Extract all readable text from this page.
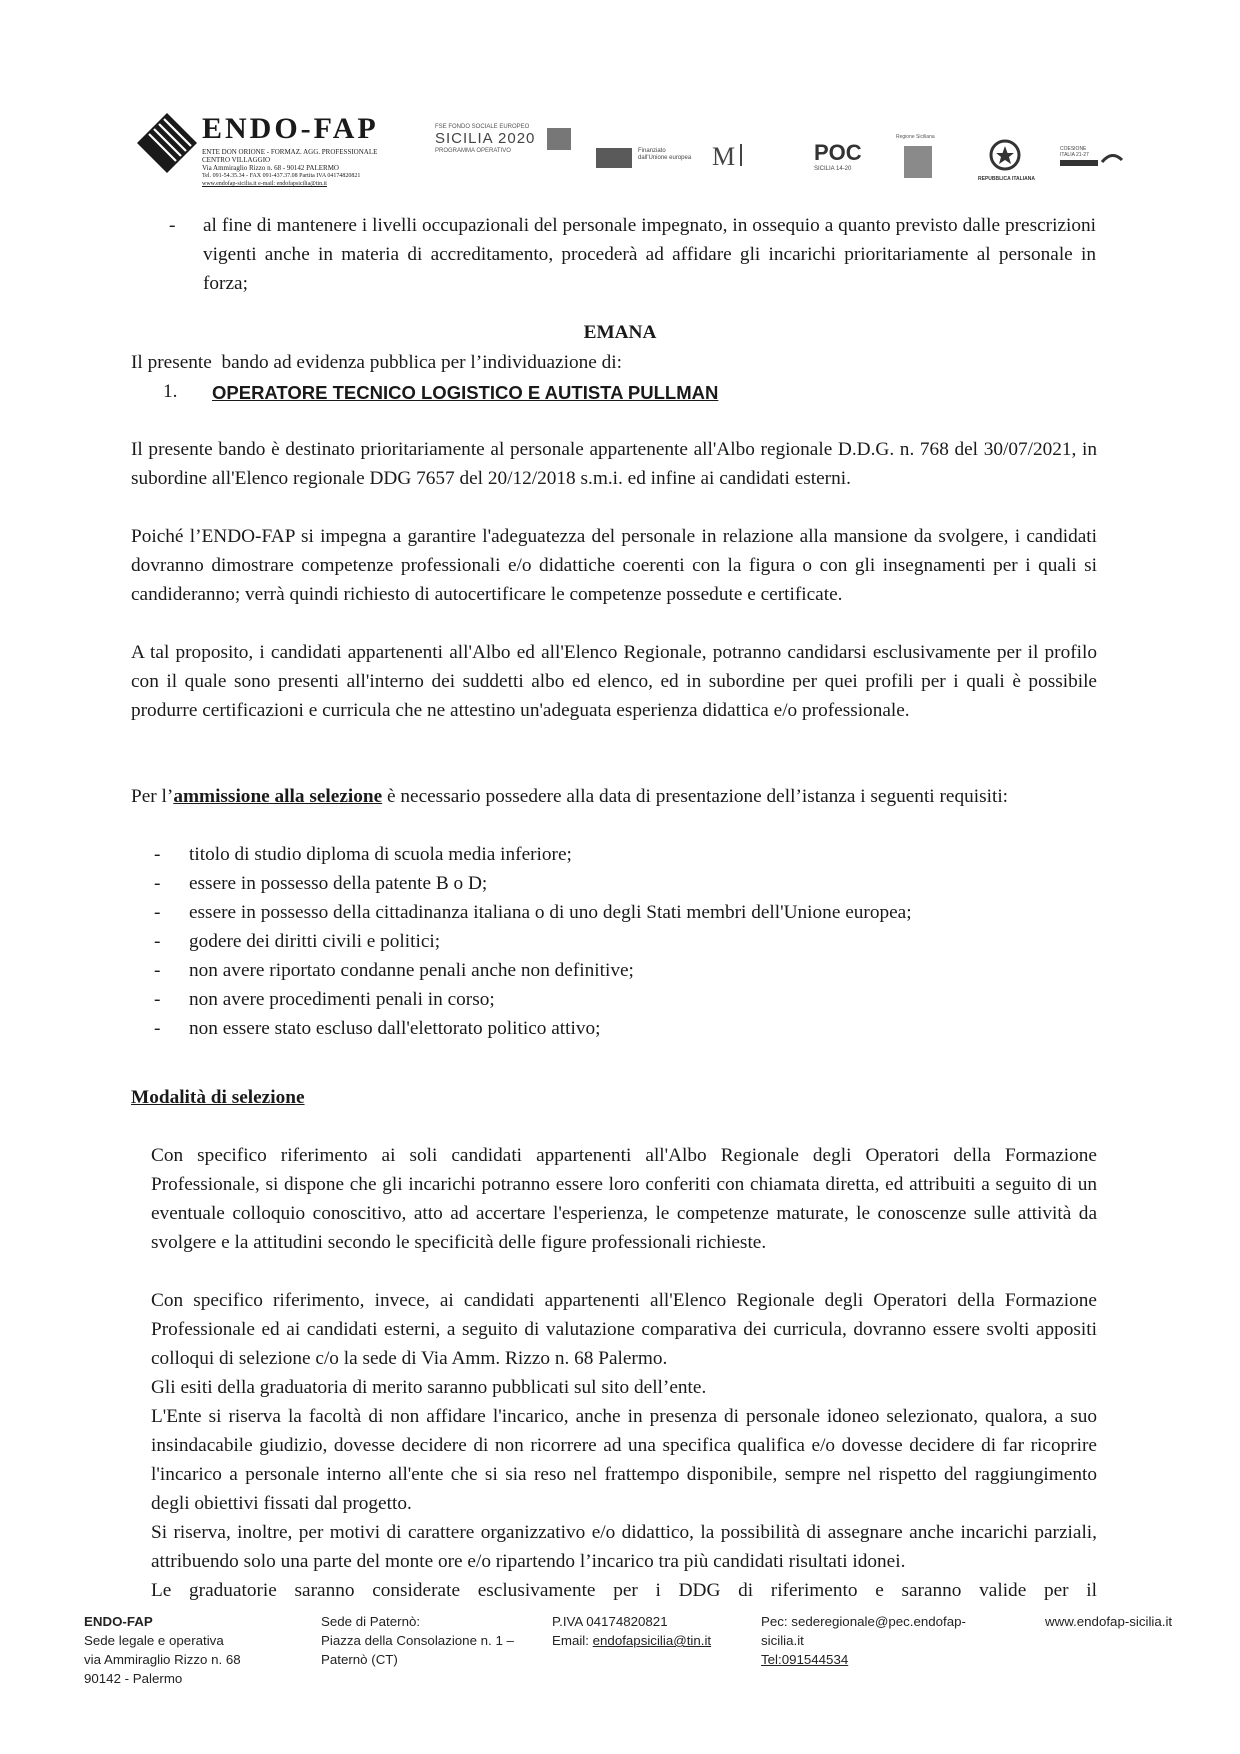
ENDO-FAP
ENTE DON ORIONE - FORMAZ. AGG. PROFESSIONALE
CENTRO VILLAGGIO
Via Ammiraglio Rizzo n. 68 - 90142 PALERMO
Tel. 091-54.35.34 - FAX 091-437.37.08 Partita IVA 04174820821
www.endofap-sicilia.it e-mail: endofapsicilia@tin.it
FSE FONDO SOCIALE EUROPEO
SICILIA 2020
PROGRAMMA OPERATIVO	Finanziato dall'Unione europea M	POC
SICILIA 14-20
Regione Siciliana
REPUBBLICA ITALIANA
COESIONE ITALIA 21-27
- al fine di mantenere i livelli occupazionali del personale impegnato, in ossequio a quanto previsto dalle prescrizioni vigenti anche in materia di accreditamento, procederà ad affidare gli incarichi prioritariamente al personale in forza;

EMANA
Il presente  bando ad evidenza pubblica per l’individuazione di:
1. OPERATORE TECNICO LOGISTICO E AUTISTA PULLMAN

Il presente bando è destinato prioritariamente al personale appartenente all'Albo regionale D.D.G. n. 768 del 30/07/2021, in subordine all'Elenco regionale DDG 7657 del 20/12/2018 s.m.i. ed infine ai candidati esterni.

Poiché l’ENDO-FAP si impegna a garantire l'adeguatezza del personale in relazione alla mansione da svolgere, i candidati dovranno dimostrare competenze professionali e/o didattiche coerenti con la figura o con gli insegnamenti per i quali si candideranno; verrà quindi richiesto di autocertificare le competenze possedute e certificate.

A tal proposito, i candidati appartenenti all'Albo ed all'Elenco Regionale, potranno candidarsi esclusivamente per il profilo con il quale sono presenti all'interno dei suddetti albo ed elenco, ed in subordine per quei profili per i quali è possibile produrre certificazioni e curricula che ne attestino un'adeguata esperienza didattica e/o professionale.

Per l’ammissione alla selezione è necessario possedere alla data di presentazione dell’istanza i seguenti requisiti:

- titolo di studio diploma di scuola media inferiore;
- essere in possesso della patente B o D;
- essere in possesso della cittadinanza italiana o di uno degli Stati membri dell'Unione europea;
- godere dei diritti civili e politici;
- non avere riportato condanne penali anche non definitive;
- non avere procedimenti penali in corso;
- non essere stato escluso dall'elettorato politico attivo;
Modalità di selezione

Con specifico riferimento ai soli candidati appartenenti all'Albo Regionale degli Operatori della Formazione Professionale, si dispone che gli incarichi potranno essere loro conferiti con chiamata diretta, ed attribuiti a seguito di un eventuale colloquio conoscitivo, atto ad accertare l'esperienza, le competenze maturate, le conoscenze sulle attività da svolgere e la attitudini secondo le specificità delle figure professionali richieste.

Con specifico riferimento, invece, ai candidati appartenenti all'Elenco Regionale degli Operatori della Formazione Professionale ed ai candidati esterni, a seguito di valutazione comparativa dei curricula, dovranno essere svolti appositi colloqui di selezione c/o la sede di Via Amm. Rizzo n. 68 Palermo.

Gli esiti della graduatoria di merito saranno pubblicati sul sito dell’ente.

L'Ente si riserva la facoltà di non affidare l'incarico, anche in presenza di personale idoneo selezionato, qualora, a suo insindacabile giudizio, dovesse decidere di non ricorrere ad una specifica qualifica e/o dovesse decidere di far ricoprire l'incarico a personale interno all'ente che si sia reso nel frattempo disponibile, sempre nel rispetto del raggiungimento degli obiettivi fissati dal progetto.

Si riserva, inoltre, per motivi di carattere organizzativo e/o didattico, la possibilità di assegnare anche incarichi parziali, attribuendo solo una parte del monte ore e/o ripartendo l’incarico tra più candidati risultati idonei.

Le graduatorie saranno considerate esclusivamente per i DDG di riferimento e saranno valide per il
ENDO-FAP
Sede legale e operativa
via Ammiraglio Rizzo n. 68
90142 - Palermo
Sede di Paternò:
Piazza della Consolazione n. 1 –
Paternò (CT)
P.IVA 04174820821
Email: endofapsicilia@tin.it
Pec: sederegionale@pec.endofap-
sicilia.it
Tel:091544534
www.endofap-sicilia.it
